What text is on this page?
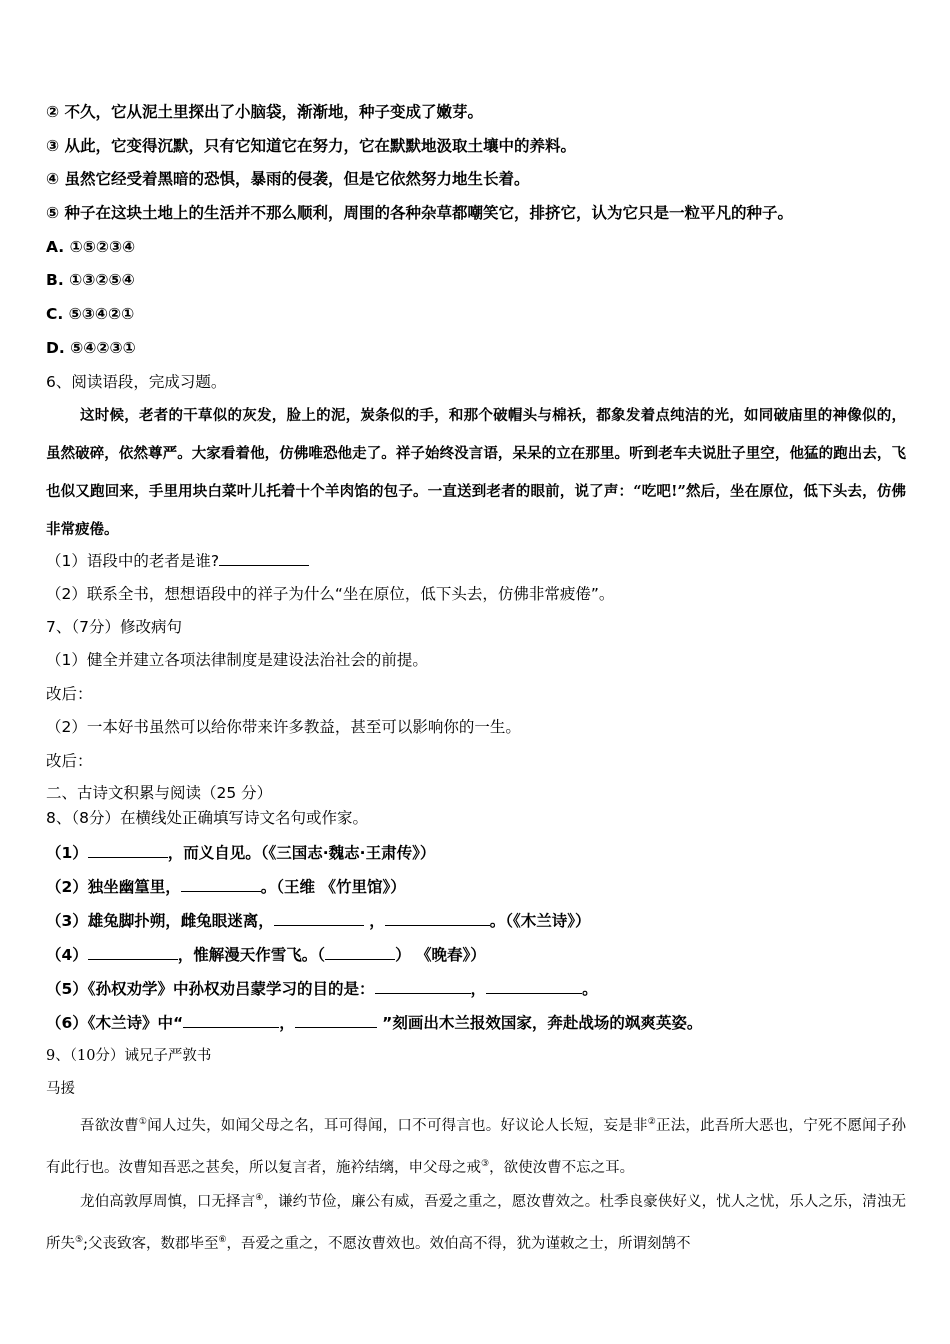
② 不久，它从泥土里探出了小脑袋，渐渐地，种子变成了嫩芽。
③ 从此，它变得沉默，只有它知道它在努力，它在默默地汲取土壤中的养料。
④ 虽然它经受着黑暗的恐惧，暴雨的侵袭，但是它依然努力地生长着。
⑤ 种子在这块土地上的生活并不那么顺利，周围的各种杂草都嘲笑它，排挤它，认为它只是一粒平凡的种子。
A. ①⑤②③④
B. ①③②⑤④
C. ⑤③④②①
D. ⑤④②③①
6、阅读语段，完成习题。
这时候，老者的干草似的灰发，脸上的泥，炭条似的手，和那个破帽头与棉袄，都象发着点纯洁的光，如同破庙里的神像似的，虽然破碎，依然尊严。大家看着他，仿佛唯恐他走了。祥子始终没言语，呆呆的立在那里。听到老车夫说肚子里空，他猛的跑出去，飞也似又跑回来，手里用块白菜叶儿托着十个羊肉馅的包子。一直送到老者的眼前，说了声：“吃吧!”然后，坐在原位，低下头去，仿佛非常疲倦。
（1）语段中的老者是谁?
（2）联系全书，想想语段中的祥子为什么“坐在原位，低下头去，仿佛非常疲倦”。
7、（7分）修改病句
（1）健全并建立各项法律制度是建设法治社会的前提。
改后：
（2）一本好书虽然可以给你带来许多教益，甚至可以影响你的一生。
改后：
二、古诗文积累与阅读（25 分）
8、（8分）在横线处正确填写诗文名句或作家。
（1）	，而义自见。（《三国志·魏志·王肃传》）
（2）独坐幽篁里，	。（王维 《竹里馆》）
（3）雄兔脚扑朔，雌兔眼迷离，	，	。（《木兰诗》）
（4）	，惟解漫天作雪飞。（	） 《晚春》）
（5）《孙权劝学》中孙权劝吕蒙学习的目的是：	，	。
（6）《木兰诗》中“	，	”刻画出木兰报效国家，奔赴战场的飒爽英姿。
9、（10分）诫兄子严敦书
马援
吾欲汝曹①闻人过失，如闻父母之名，耳可得闻，口不可得言也。好议论人长短，妄是非②正法，此吾所大恶也，宁死不愿闻子孙有此行也。汝曹知吾恶之甚矣，所以复言者，施衿结缡，申父母之戒③，欲使汝曹不忘之耳。
龙伯高敦厚周慎，口无择言④，谦约节俭，廉公有威，吾爱之重之，愿汝曹效之。杜季良豪侠好义，忧人之忧，乐人之乐，清浊无所失⑤;父丧致客，数郡毕至⑥，吾爱之重之，不愿汝曹效也。效伯高不得，犹为谨敕之士，所谓刻鹄不
